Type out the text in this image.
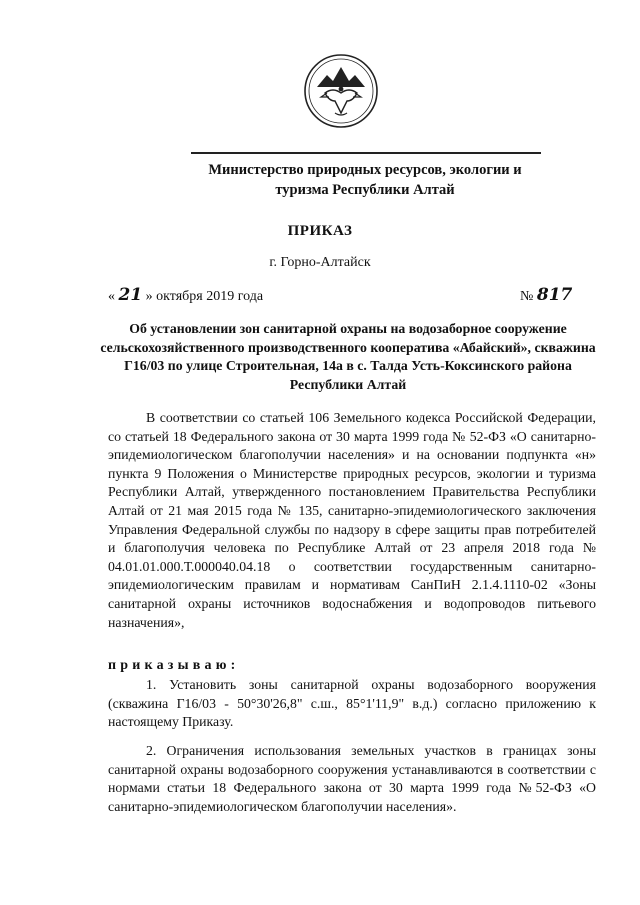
Министерство природных ресурсов, экологии и
туризма Республики Алтай
ПРИКАЗ
г. Горно-Алтайск
« 21 » октября 2019 года	№ 817
Об установлении зон санитарной охраны на водозаборное сооружение сельскохозяйственного производственного кооператива «Абайский», скважина Г16/03 по улице Строительная, 14а в с. Талда Усть-Коксинского района Республики Алтай

В соответствии со статьей 106 Земельного кодекса Российской Федерации, со статьей 18 Федерального закона от 30 марта 1999 года № 52-ФЗ «О санитарно-эпидемиологическом благополучии населения» и на основании подпункта «н» пункта 9 Положения о Министерстве природных ресурсов, экологии и туризма Республики Алтай, утвержденного постановлением Правительства Республики Алтай от 21 мая 2015 года № 135, санитарно-эпидемиологического заключения Управления Федеральной службы по надзору в сфере защиты прав потребителей и благополучия человека по Республике Алтай от 23 апреля 2018 года № 04.01.01.000.Т.000040.04.18 о соответствии государственным санитарно-эпидемиологическим правилам и нормативам СанПиН 2.1.4.1110-02 «Зоны санитарной охраны источников водоснабжения и водопроводов питьевого назначения»,

приказываю:

1. Установить зоны санитарной охраны водозаборного вооружения (скважина Г16/03 - 50°30'26,8" с.ш., 85°1'11,9" в.д.) согласно приложению к настоящему Приказу.

2. Ограничения использования земельных участков в границах зоны санитарной охраны водозаборного сооружения устанавливаются в соответствии с нормами статьи 18 Федерального закона от 30 марта 1999 года №52-ФЗ «О санитарно-эпидемиологическом благополучии населения».
